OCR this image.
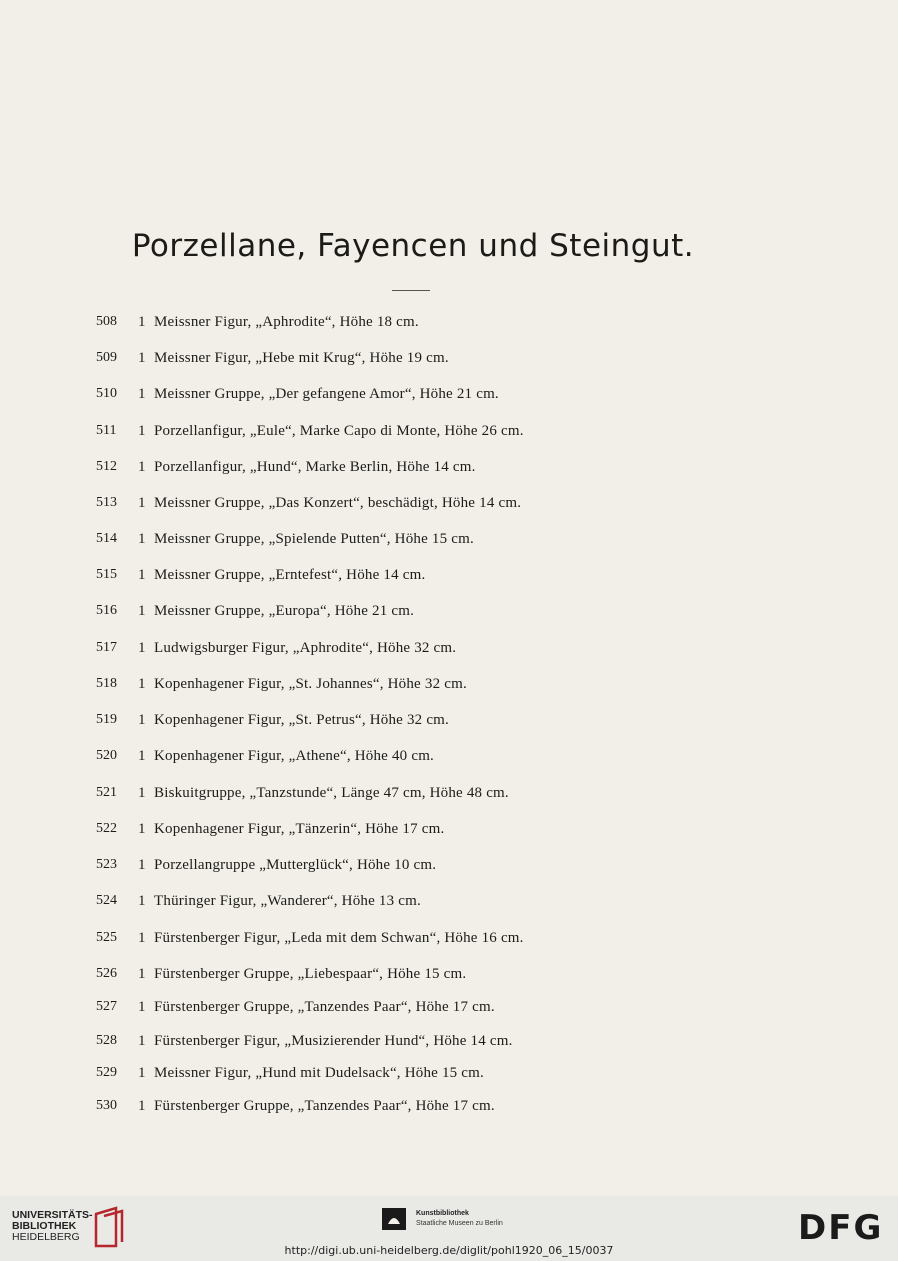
Porzellane, Fayencen und Steingut.
508	1 Meissner Figur, „Aphrodite“, Höhe 18 cm.
509	1 Meissner Figur, „Hebe mit Krug“, Höhe 19 cm.
510	1 Meissner Gruppe, „Der gefangene Amor“, Höhe 21 cm.
511	1 Porzellanfigur, „Eule“, Marke Capo di Monte, Höhe 26 cm.
512	1 Porzellanfigur, „Hund“, Marke Berlin, Höhe 14 cm.
513	1 Meissner Gruppe, „Das Konzert“, beschädigt, Höhe 14 cm.
514	1 Meissner Gruppe, „Spielende Putten“, Höhe 15 cm.
515	1 Meissner Gruppe, „Erntefest“, Höhe 14 cm.
516	1 Meissner Gruppe, „Europa“, Höhe 21 cm.
517	1 Ludwigsburger Figur, „Aphrodite“, Höhe 32 cm.
518	1 Kopenhagener Figur, „St. Johannes“, Höhe 32 cm.
519	1 Kopenhagener Figur, „St. Petrus“, Höhe 32 cm.
520	1 Kopenhagener Figur, „Athene“, Höhe 40 cm.
521	1 Biskuitgruppe, „Tanzstunde“, Länge 47 cm, Höhe 48 cm.
522	1 Kopenhagener Figur, „Tänzerin“, Höhe 17 cm.
523	1 Porzellangruppe „Mutterglück“, Höhe 10 cm.
524	1 Thüringer Figur, „Wanderer“, Höhe 13 cm.
525	1 Fürstenberger Figur, „Leda mit dem Schwan“, Höhe 16 cm.
526	1 Fürstenberger Gruppe, „Liebespaar“, Höhe 15 cm.
527	1 Fürstenberger Gruppe, „Tanzendes Paar“, Höhe 17 cm.
528	1 Fürstenberger Figur, „Musizierender Hund“, Höhe 14 cm.
529	1 Meissner Figur, „Hund mit Dudelsack“, Höhe 15 cm.
530	1 Fürstenberger Gruppe, „Tanzendes Paar“, Höhe 17 cm.
UNIVERSITÄTS-
BIBLIOTHEK
HEIDELBERG
Kunstbibliothek
Staatliche Museen zu Berlin	DFG
http://digi.ub.uni-heidelberg.de/diglit/pohl1920_06_15/0037
